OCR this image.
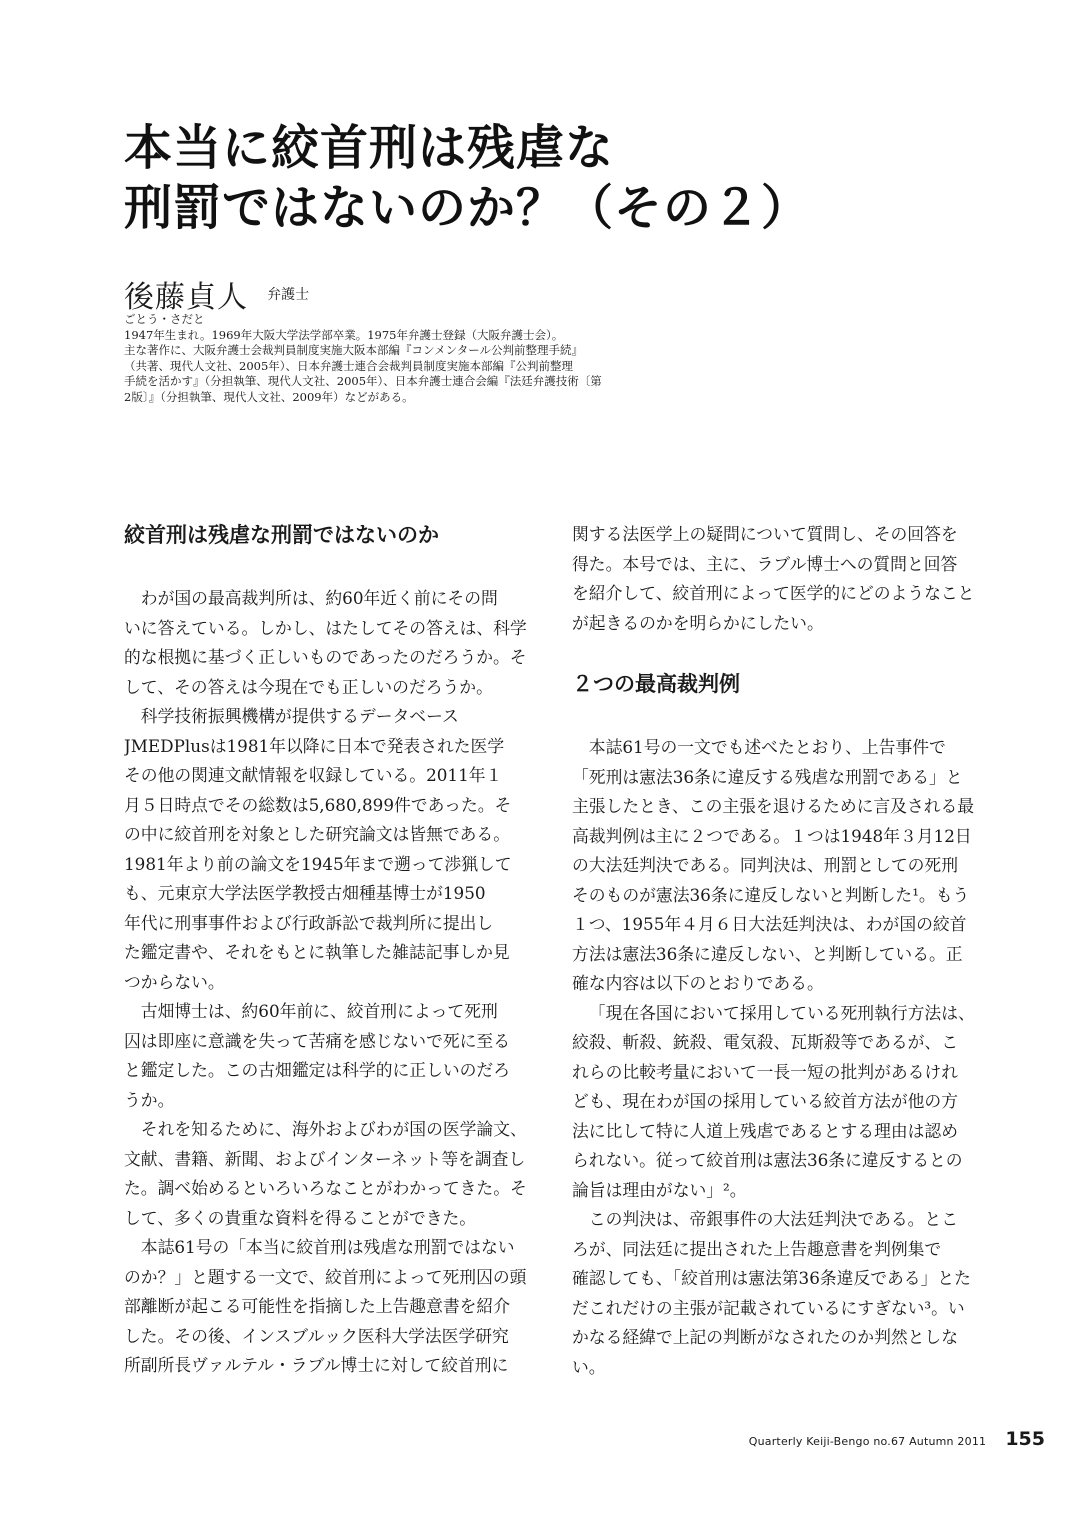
本当に絞首刑は残虐な
刑罰ではないのか？（その２）
後藤貞人 弁護士
ごとう・さだと
1947年生まれ。1969年大阪大学法学部卒業。1975年弁護士登録（大阪弁護士会）。
主な著作に、大阪弁護士会裁判員制度実施大阪本部編『コンメンタール公判前整理手続』
（共著、現代人文社、2005年）、日本弁護士連合会裁判員制度実施本部編『公判前整理
手続を活かす』（分担執筆、現代人文社、2005年）、日本弁護士連合会編『法廷弁護技術〔第
2版〕』（分担執筆、現代人文社、2009年）などがある。
絞首刑は残虐な刑罰ではないのか

わが国の最高裁判所は、約60年近く前にその問
いに答えている。しかし、はたしてその答えは、科学
的な根拠に基づく正しいものであったのだろうか。そ
して、その答えは今現在でも正しいのだろうか。

科学技術振興機構が提供するデータベース
JMEDPlusは1981年以降に日本で発表された医学
その他の関連文献情報を収録している。2011年１
月５日時点でその総数は5,680,899件であった。そ
の中に絞首刑を対象とした研究論文は皆無である。
1981年より前の論文を1945年まで遡って渉猟して
も、元東京大学法医学教授古畑種基博士が1950
年代に刑事事件および行政訴訟で裁判所に提出し
た鑑定書や、それをもとに執筆した雑誌記事しか見
つからない。

古畑博士は、約60年前に、絞首刑によって死刑
囚は即座に意識を失って苦痛を感じないで死に至る
と鑑定した。この古畑鑑定は科学的に正しいのだろ
うか。

それを知るために、海外およびわが国の医学論文、
文献、書籍、新聞、およびインターネット等を調査し
た。調べ始めるといろいろなことがわかってきた。そ
して、多くの貴重な資料を得ることができた。

本誌61号の「本当に絞首刑は残虐な刑罰ではない
のか？」と題する一文で、絞首刑によって死刑囚の頭
部離断が起こる可能性を指摘した上告趣意書を紹介
した。その後、インスブルック医科大学法医学研究
所副所長ヴァルテル・ラブル博士に対して絞首刑に

関する法医学上の疑問について質問し、その回答を
得た。本号では、主に、ラブル博士への質問と回答
を紹介して、絞首刑によって医学的にどのようなこと
が起きるのかを明らかにしたい。

２つの最高裁判例

本誌61号の一文でも述べたとおり、上告事件で
「死刑は憲法36条に違反する残虐な刑罰である」と
主張したとき、この主張を退けるために言及される最
高裁判例は主に２つである。１つは1948年３月12日
の大法廷判決である。同判決は、刑罰としての死刑
そのものが憲法36条に違反しないと判断した¹。もう
１つ、1955年４月６日大法廷判決は、わが国の絞首
方法は憲法36条に違反しない、と判断している。正
確な内容は以下のとおりである。

「現在各国において採用している死刑執行方法は、
絞殺、斬殺、銃殺、電気殺、瓦斯殺等であるが、こ
れらの比較考量において一長一短の批判があるけれ
ども、現在わが国の採用している絞首方法が他の方
法に比して特に人道上残虐であるとする理由は認め
られない。従って絞首刑は憲法36条に違反するとの
論旨は理由がない」²。

この判決は、帝銀事件の大法廷判決である。とこ
ろが、同法廷に提出された上告趣意書を判例集で
確認しても、「絞首刑は憲法第36条違反である」とた
だこれだけの主張が記載されているにすぎない³。い
かなる経緯で上記の判断がなされたのか判然としな
い。

Quarterly Keiji-Bengo no.67 Autumn 2011 155
